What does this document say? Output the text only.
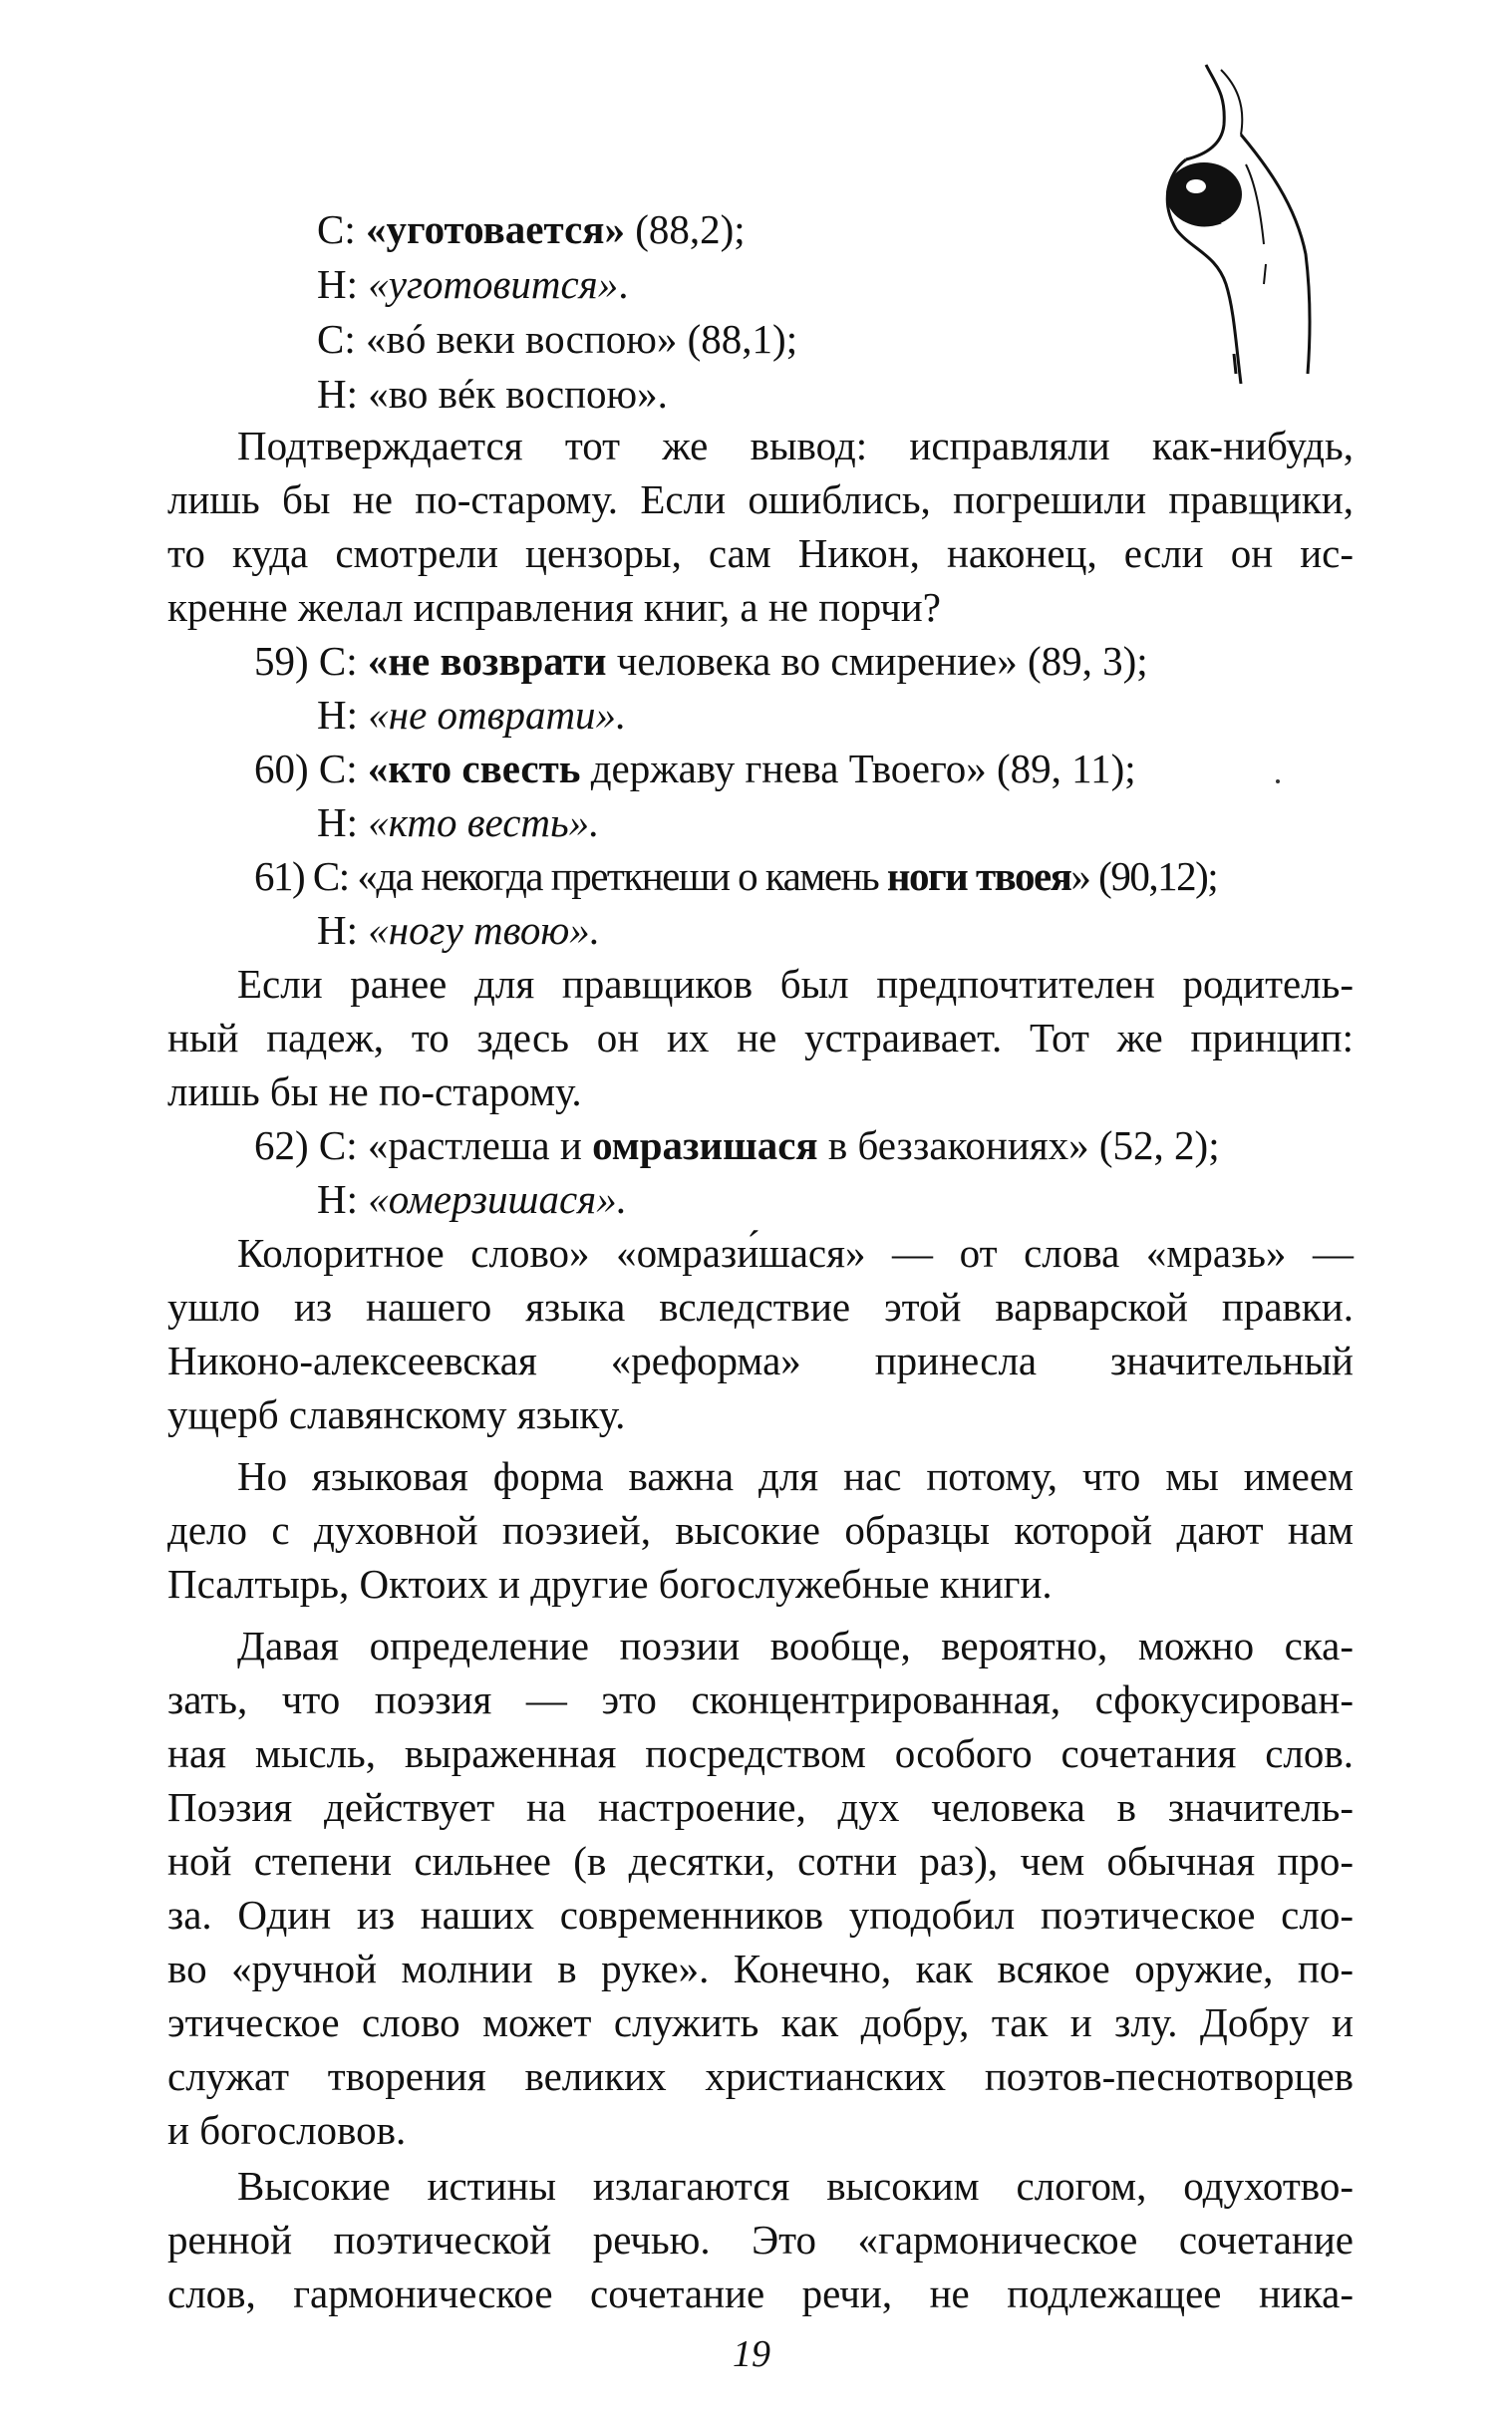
С: «уготовается» (88,2);
Н: «уготовится».
С: «вó веки воспою» (88,1);
Н: «во вéк воспою».
Подтверждается тот же вывод: исправляли как-нибудь,
лишь бы не по-старому. Если ошиблись, погрешили правщики,
то куда смотрели цензоры, сам Никон, наконец, если он ис-
кренне желал исправления книг, а не порчи?
59) С: «не возврати человека во смирение» (89, 3);
Н: «не отврати».
60) С: «кто свесть державу гнева Твоего» (89, 11);
Н: «кто весть».
61) С: «да некогда преткнеши о камень ноги твоея» (90,12);
Н: «ногу твою».
Если ранее для правщиков был предпочтителен родитель-
ный падеж, то здесь он их не устраивает. Тот же принцип:
лишь бы не по-старому.
62) С: «растлеша и омразишася в беззакониях» (52, 2);
Н: «омерзишася».
Колоритное слово» «омрази́шася» — от слова «мразь» —
ушло из нашего языка вследствие этой варварской правки.
Никоно-алексеевская «реформа» принесла значительный
ущерб славянскому языку.
Но языковая форма важна для нас потому, что мы имеем
дело с духовной поэзией, высокие образцы которой дают нам
Псалтырь, Октоих и другие богослужебные книги.
Давая определение поэзии вообще, вероятно, можно ска-
зать, что поэзия — это сконцентрированная, сфокусирован-
ная мысль, выраженная посредством особого сочетания слов.
Поэзия действует на настроение, дух человека в значитель-
ной степени сильнее (в десятки, сотни раз), чем обычная про-
за. Один из наших современников уподобил поэтическое сло-
во «ручной молнии в руке». Конечно, как всякое оружие, по-
этическое слово может служить как добру, так и злу. Добру и
служат творения великих христианских поэтов-песнотворцев
и богословов.
Высокие истины излагаются высоким слогом, одухотво-
19
ренной поэтической речью. Это «гармоническое сочетание
слов, гармоническое сочетание речи, не подлежащее ника-
